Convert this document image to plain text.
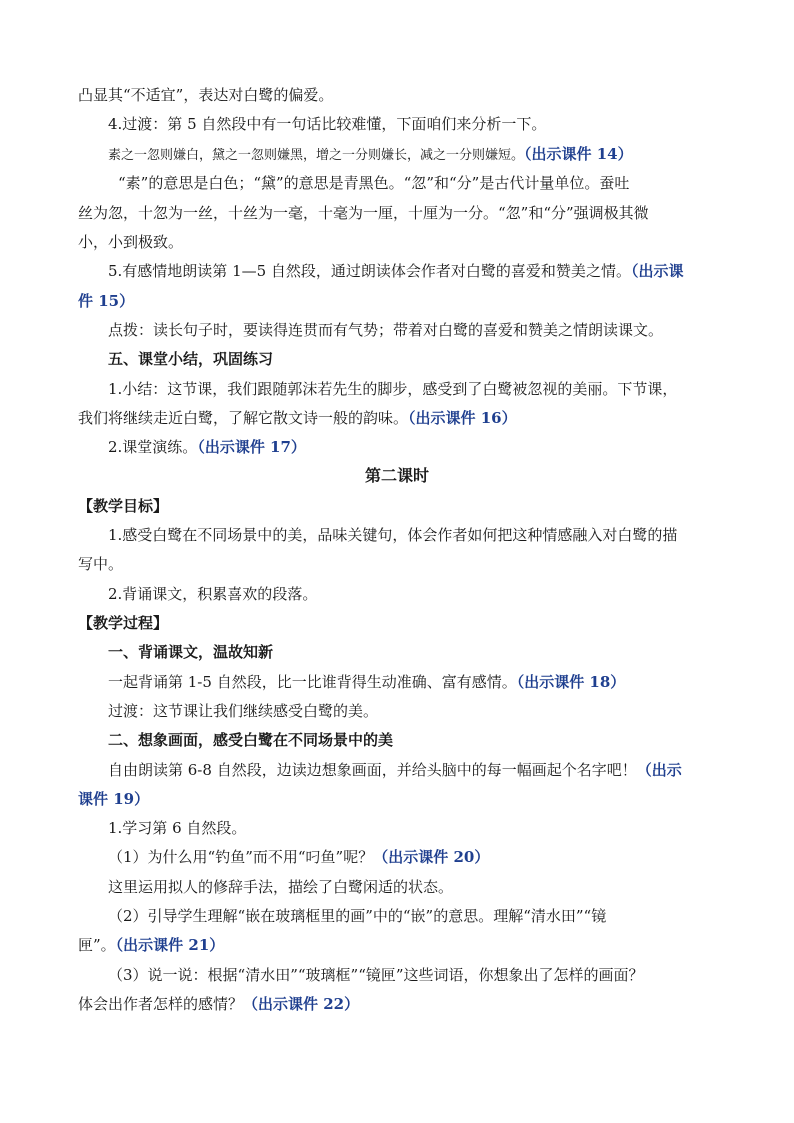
凸显其“不适宜”，表达对白鹭的偏爱。
4.过渡：第 5 自然段中有一句话比较难懂，下面咱们来分析一下。
素之一忽则嫌白，黛之一忽则嫌黑，增之一分则嫌长，减之一分则嫌短。（出示课件 14）
“素”的意思是白色；“黛”的意思是青黑色。“忽”和“分”是古代计量单位。蚕吐
丝为忽，十忽为一丝，十丝为一毫，十毫为一厘，十厘为一分。“忽”和“分”强调极其微
小，小到极致。
5.有感情地朗读第 1—5 自然段，通过朗读体会作者对白鹭的喜爱和赞美之情。（出示课
件 15）
点拨：读长句子时，要读得连贯而有气势；带着对白鹭的喜爱和赞美之情朗读课文。
五、课堂小结，巩固练习
1.小结：这节课，我们跟随郭沫若先生的脚步，感受到了白鹭被忽视的美丽。下节课，
我们将继续走近白鹭，了解它散文诗一般的韵味。（出示课件 16）
2.课堂演练。（出示课件 17）
第二课时
【教学目标】
1.感受白鹭在不同场景中的美，品味关键句，体会作者如何把这种情感融入对白鹭的描
写中。
2.背诵课文，积累喜欢的段落。
【教学过程】
一、背诵课文，温故知新
一起背诵第 1-5 自然段，比一比谁背得生动准确、富有感情。（出示课件 18）
过渡：这节课让我们继续感受白鹭的美。
二、想象画面，感受白鹭在不同场景中的美
自由朗读第 6-8 自然段，边读边想象画面，并给头脑中的每一幅画起个名字吧！（出示
课件 19）
1.学习第 6 自然段。
（1）为什么用“钓鱼”而不用“叼鱼”呢？（出示课件 20）
这里运用拟人的修辞手法，描绘了白鹭闲适的状态。
（2）引导学生理解“嵌在玻璃框里的画”中的“嵌”的意思。理解“清水田”“镜
匣”。（出示课件 21）
（3）说一说：根据“清水田”“玻璃框”“镜匣”这些词语，你想象出了怎样的画面？
体会出作者怎样的感情？（出示课件 22）
